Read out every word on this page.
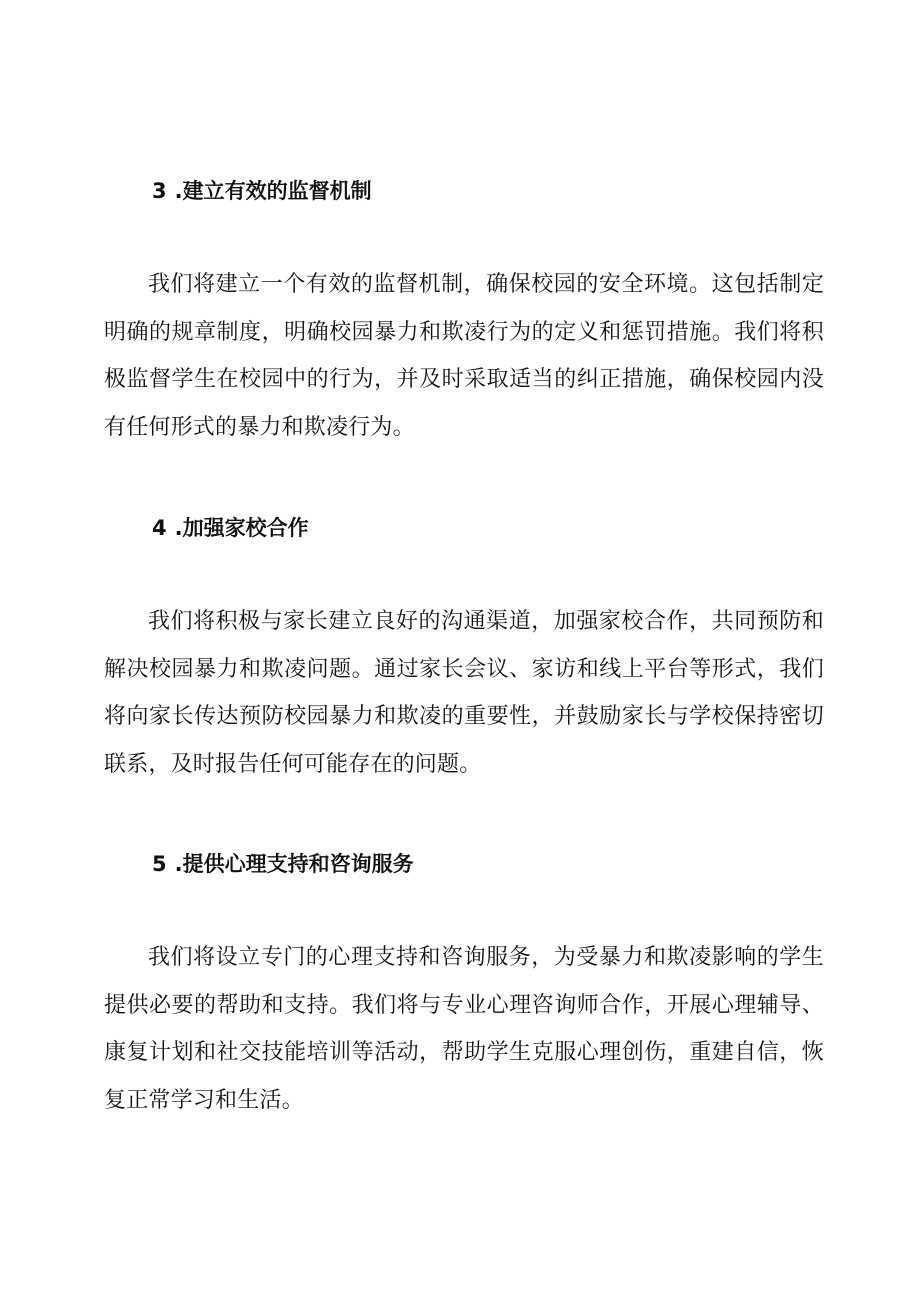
3 .建立有效的监督机制

我们将建立一个有效的监督机制，确保校园的安全环境。这包括制定明确的规章制度，明确校园暴力和欺凌行为的定义和惩罚措施。我们将积极监督学生在校园中的行为，并及时采取适当的纠正措施，确保校园内没有任何形式的暴力和欺凌行为。

4 .加强家校合作

我们将积极与家长建立良好的沟通渠道，加强家校合作，共同预防和解决校园暴力和欺凌问题。通过家长会议、家访和线上平台等形式，我们将向家长传达预防校园暴力和欺凌的重要性，并鼓励家长与学校保持密切联系，及时报告任何可能存在的问题。

5 .提供心理支持和咨询服务

我们将设立专门的心理支持和咨询服务，为受暴力和欺凌影响的学生提供必要的帮助和支持。我们将与专业心理咨询师合作，开展心理辅导、康复计划和社交技能培训等活动，帮助学生克服心理创伤，重建自信，恢复正常学习和生活。
